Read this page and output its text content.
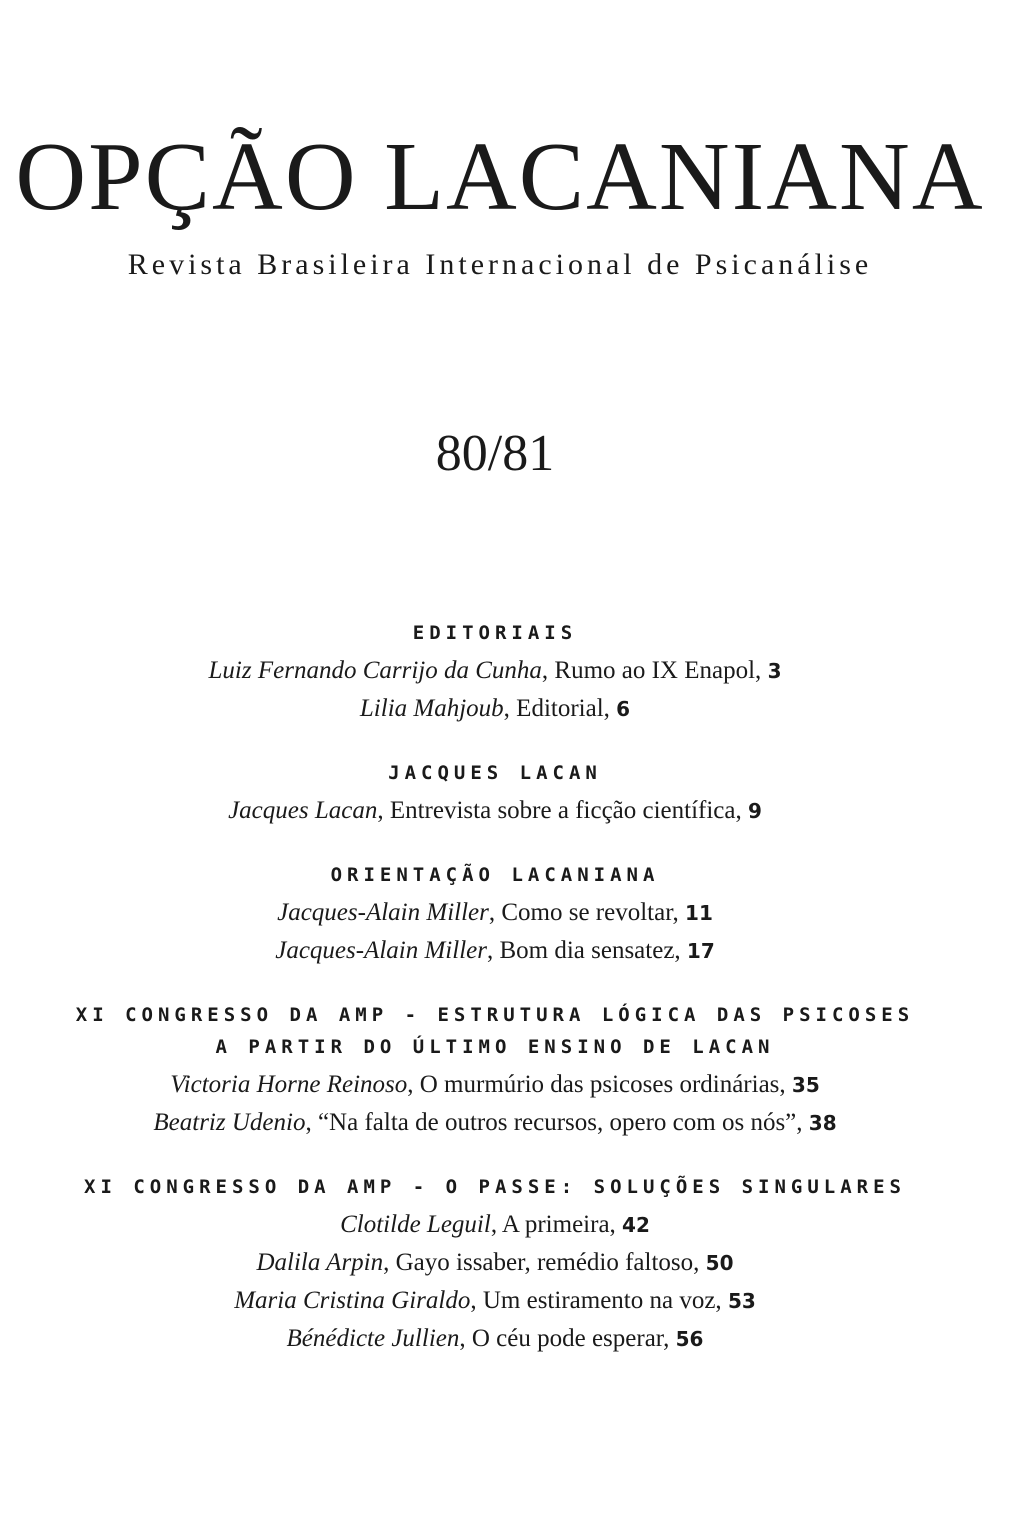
OPÇÃO LACANIANA
Revista Brasileira Internacional de Psicanálise
80/81
EDITORIAIS
Luiz Fernando Carrijo da Cunha, Rumo ao IX Enapol, 3
Lilia Mahjoub, Editorial, 6
JACQUES LACAN
Jacques Lacan, Entrevista sobre a ficção científica, 9
ORIENTAÇÃO LACANIANA
Jacques-Alain Miller, Como se revoltar, 11
Jacques-Alain Miller, Bom dia sensatez, 17
XI CONGRESSO DA AMP - ESTRUTURA LÓGICA DAS PSICOSES
A PARTIR DO ÚLTIMO ENSINO DE LACAN
Victoria Horne Reinoso, O murmúrio das psicoses ordinárias, 35
Beatriz Udenio, “Na falta de outros recursos, opero com os nós”, 38
XI CONGRESSO DA AMP - O PASSE: SOLUÇÕES SINGULARES
Clotilde Leguil, A primeira, 42
Dalila Arpin, Gayo issaber, remédio faltoso, 50
Maria Cristina Giraldo, Um estiramento na voz, 53
Bénédicte Jullien, O céu pode esperar, 56
